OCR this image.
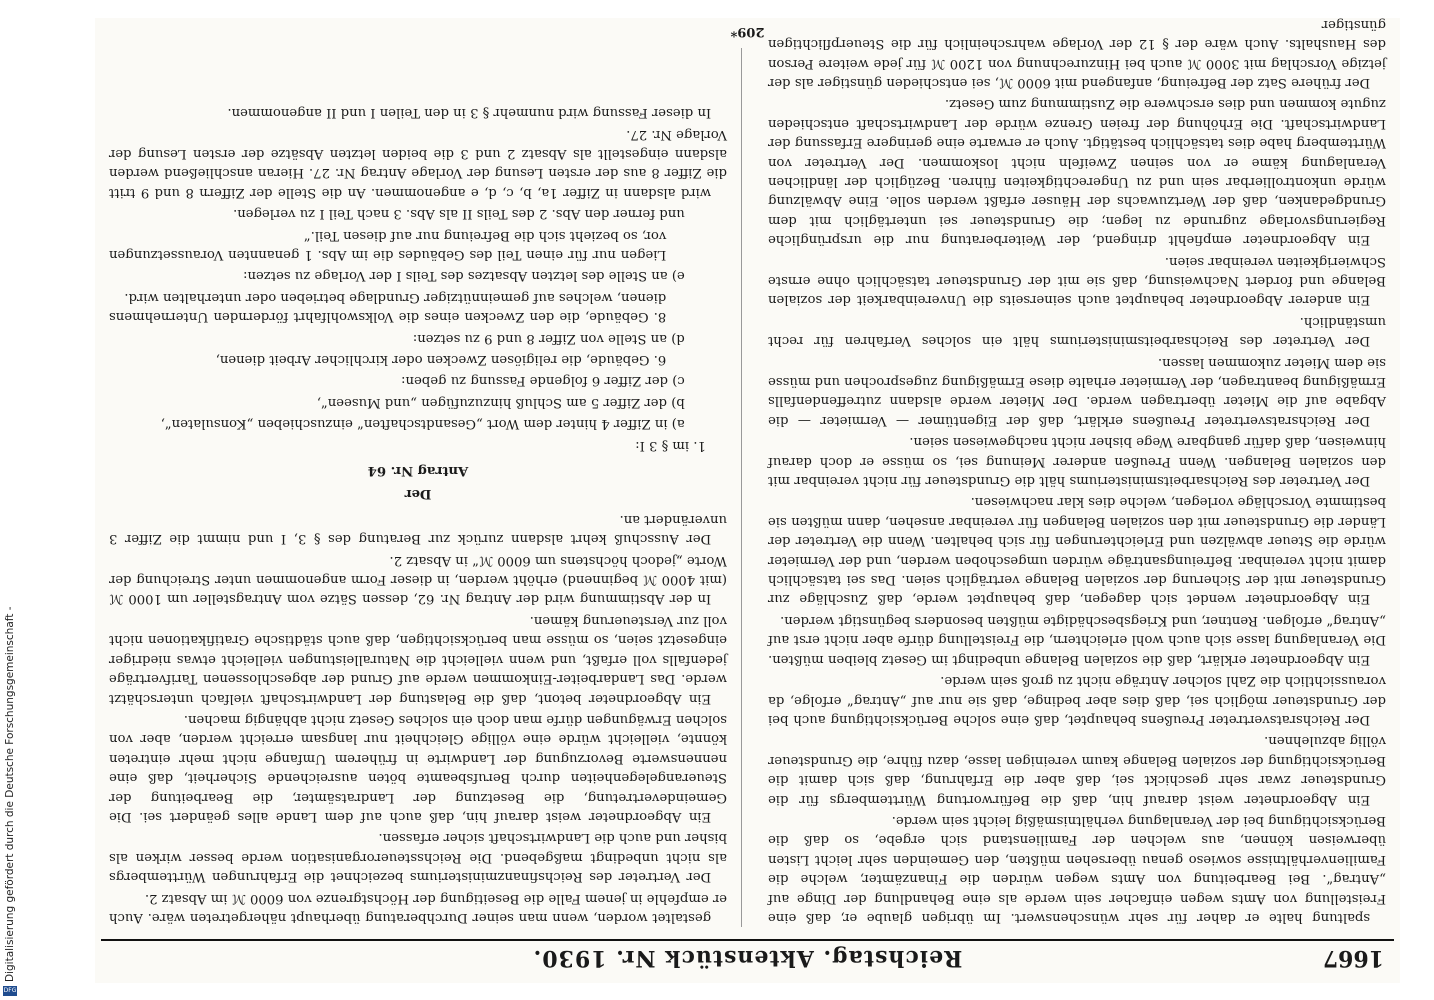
Digitalisierung gefördert durch die Deutsche Forschungsgemeinschaft -
DFG
1667
Reichstag. Aktenstück Nr. 1930.

spaltung halte er daher für sehr wünschenswert. Im übrigen glaube er, daß eine Freistellung von Amts wegen einfacher sein werde als eine Behandlung der Dinge auf „Antrag“. Bei Bearbeitung von Amts wegen würden die Finanzämter, welche die Familienverhältnisse sowieso genau übersehen müßten, den Gemeinden sehr leicht Listen überweisen können, aus welchen der Familienstand sich ergebe, so daß die Berücksichtigung bei der Veranlagung verhältnismäßig leicht sein werde.

Ein Abgeordneter weist darauf hin, daß die Befürwortung Württembergs für die Grundsteuer zwar sehr geschickt sei, daß aber die Erfahrung, daß sich damit die Berücksichtigung der sozialen Belange kaum vereinigen lasse, dazu führe, die Grundsteuer völlig abzulehnen.

Der Reichsratsvertreter Preußens behauptet, daß eine solche Berücksichtigung auch bei der Grundsteuer möglich sei, daß dies aber bedinge, daß sie nur auf „Antrag“ erfolge, da voraussichtlich die Zahl solcher Anträge nicht zu groß sein werde.

Ein Abgeordneter erklärt, daß die sozialen Belange unbedingt im Gesetz bleiben müßten. Die Veranlagung lasse sich auch wohl erleichtern, die Freistellung dürfe aber nicht erst auf „Antrag“ erfolgen. Rentner, und Kriegsbeschädigte müßten besonders begünstigt werden.

Ein Abgeordneter wendet sich dagegen, daß behauptet werde, daß Zuschläge zur Grundsteuer mit der Sicherung der sozialen Belange verträglich seien. Das sei tatsächlich damit nicht vereinbar. Befreiungsanträge würden umgeschoben werden, und der Vermieter würde die Steuer abwälzen und Erleichterungen für sich behalten. Wenn die Vertreter der Länder die Grundsteuer mit den sozialen Belangen für vereinbar ansehen, dann müßten sie bestimmte Vorschläge vorlegen, welche dies klar nachwiesen.

Der Vertreter des Reichsarbeitsministeriums hält die Grundsteuer für nicht vereinbar mit den sozialen Belangen. Wenn Preußen anderer Meinung sei, so müsse er doch darauf hinweisen, daß dafür gangbare Wege bisher nicht nachgewiesen seien.

Der Reichsratsvertreter Preußens erklärt, daß der Eigentümer — Vermieter — die Abgabe auf die Mieter übertragen werde. Der Mieter werde alsdann zutreffendenfalls Ermäßigung beantragen, der Vermieter erhalte diese Ermäßigung zugesprochen und müsse sie dem Mieter zukommen lassen.

Der Vertreter des Reichsarbeitsministeriums hält ein solches Verfahren für recht umständlich.

Ein anderer Abgeordneter behauptet auch seinerseits die Unvereinbarkeit der sozialen Belange und fordert Nachweisung, daß sie mit der Grundsteuer tatsächlich ohne ernste Schwierigkeiten vereinbar seien.

Ein Abgeordneter empfiehlt dringend, der Weiterberatung nur die ursprüngliche Regierungsvorlage zugrunde zu legen; die Grundsteuer sei untertäglich mit dem Grundgedanken, daß der Wertzuwachs der Häuser erfaßt werden solle. Eine Abwälzung würde unkontrollierbar sein und zu Ungerechtigkeiten führen. Bezüglich der ländlichen Veranlagung käme er von seinen Zweifeln nicht loskommen. Der Vertreter von Württemberg habe dies tatsächlich bestätigt. Auch er erwarte eine geringere Erfassung der Landwirtschaft. Die Erhöhung der freien Grenze würde der Landwirtschaft entschieden zugute kommen und dies erschwere die Zustimmung zum Gesetz.

Der frühere Satz der Befreiung, anfangend mit 6000 ℳ, sei entschieden günstiger als der jetzige Vorschlag mit 3000 ℳ auch bei Hinzurechnung von 1200 ℳ für jede weitere Person des Haushalts. Auch wäre der § 12 der Vorlage wahrscheinlich für die Steuerpflichtigen günstiger

gestaltet worden, wenn man seiner Durchberatung überhaupt nähergetreten wäre. Auch er empfehle in jenem Falle die Beseitigung der Höchstgrenze von 6000 ℳ im Absatz 2.

Der Vertreter des Reichsfinanzministeriums bezeichnet die Erfahrungen Württembergs als nicht unbedingt maßgebend. Die Reichssteuerorganisation werde besser wirken als bisher und auch die Landwirtschaft sicher erfassen.

Ein Abgeordneter weist darauf hin, daß auch auf dem Lande alles geändert sei. Die Gemeindevertretung, die Besetzung der Landratsämter, die Bearbeitung der Steuerangelegenheiten durch Berufsbeamte böten ausreichende Sicherheit, daß eine nennenswerte Bevorzugung der Landwirte in früherem Umfange nicht mehr eintreten könnte, vielleicht würde eine völlige Gleichheit nur langsam erreicht werden, aber von solchen Erwägungen dürfe man doch ein solches Gesetz nicht abhängig machen.

Ein Abgeordneter betont, daß die Belastung der Landwirtschaft vielfach unterschätzt werde. Das Landarbeiter-Einkommen werde auf Grund der abgeschlossenen Tarifverträge jedenfalls voll erfaßt, und wenn vielleicht die Naturalleistungen vielleicht etwas niedriger eingesetzt seien, so müsse man berücksichtigen, daß auch städtische Gratifikationen nicht voll zur Versteuerung kämen.

In der Abstimmung wird der Antrag Nr. 62, dessen Sätze vom Antragsteller um 1000 ℳ (mit 4000 ℳ beginnend) erhöht werden, in dieser Form angenommen unter Streichung der Worte „jedoch höchstens um 6000 ℳ“ in Absatz 2.

Der Ausschuß kehrt alsdann zurück zur Beratung des § 3, I und nimmt die Ziffer 3 unverändert an.

Der

Antrag Nr. 64

1. im § 3 I:

a) in Ziffer 4 hinter dem Wort „Gesandtschaften“ einzuschieben „Konsulaten“,

b) der Ziffer 5 am Schluß hinzuzufügen „und Museen“,

c) der Ziffer 6 folgende Fassung zu geben:

6. Gebäude, die religiösen Zwecken oder kirchlicher Arbeit dienen,

d) an Stelle von Ziffer 8 und 9 zu setzen:

8. Gebäude, die den Zwecken eines die Volkswohlfahrt fördernden Unternehmens dienen, welches auf gemeinnütziger Grundlage betrieben oder unterhalten wird.

e) an Stelle des letzten Absatzes des Teils I der Vorlage zu setzen:

Liegen nur für einen Teil des Gebäudes die im Abs. 1 genannten Voraussetzungen vor, so bezieht sich die Befreiung nur auf diesen Teil.“

und ferner den Abs. 2 des Teils II als Abs. 3 nach Teil I zu verlegen.

wird alsdann in Ziffer 1a, b, c, d, e angenommen. An die Stelle der Ziffern 8 und 9 tritt die Ziffer 8 aus der ersten Lesung der Vorlage Antrag Nr. 27. Hieran anschließend werden alsdann eingestellt als Absatz 2 und 3 die beiden letzten Absätze der ersten Lesung der Vorlage Nr. 27.

In dieser Fassung wird nunmehr § 3 in den Teilen I und II angenommen.

209*
